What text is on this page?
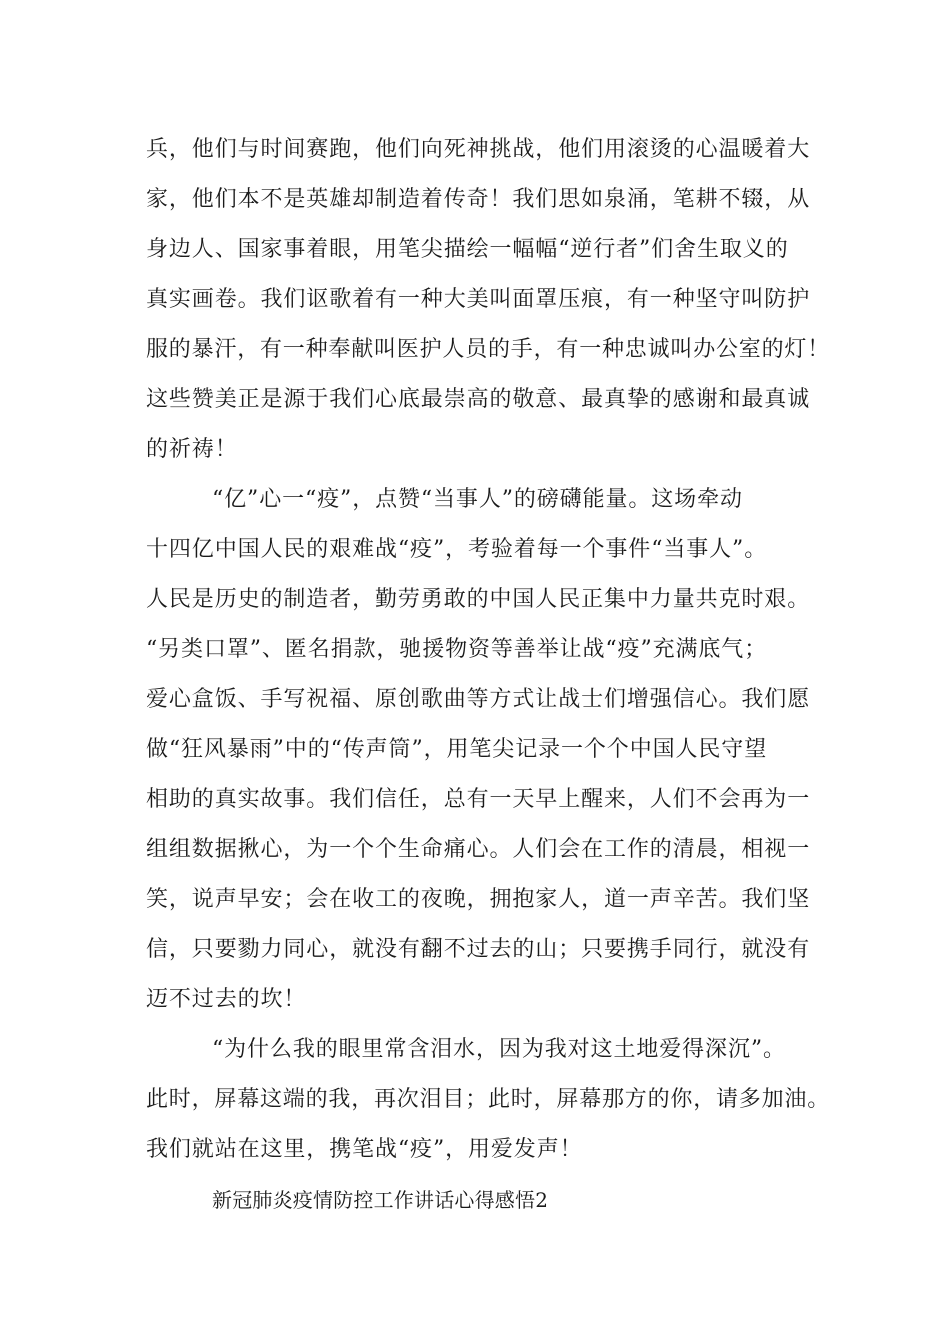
兵，他们与时间赛跑，他们向死神挑战，他们用滚烫的心温暖着大
家，他们本不是英雄却制造着传奇！我们思如泉涌，笔耕不辍，从
身边人、国家事着眼，用笔尖描绘一幅幅“逆行者”们舍生取义的
真实画卷。我们讴歌着有一种大美叫面罩压痕，有一种坚守叫防护
服的暴汗，有一种奉献叫医护人员的手，有一种忠诚叫办公室的灯！
这些赞美正是源于我们心底最崇高的敬意、最真挚的感谢和最真诚
的祈祷！
“亿”心一“疫”，点赞“当事人”的磅礴能量。这场牵动
十四亿中国人民的艰难战“疫”，考验着每一个事件“当事人”。
人民是历史的制造者，勤劳勇敢的中国人民正集中力量共克时艰。
“另类口罩”、匿名捐款，驰援物资等善举让战“疫”充满底气；
爱心盒饭、手写祝福、原创歌曲等方式让战士们增强信心。我们愿
做“狂风暴雨”中的“传声筒”，用笔尖记录一个个中国人民守望
相助的真实故事。我们信任，总有一天早上醒来，人们不会再为一
组组数据揪心，为一个个生命痛心。人们会在工作的清晨，相视一
笑，说声早安；会在收工的夜晚，拥抱家人，道一声辛苦。我们坚
信，只要勠力同心，就没有翻不过去的山；只要携手同行，就没有
迈不过去的坎！
“为什么我的眼里常含泪水，因为我对这土地爱得深沉”。
此时，屏幕这端的我，再次泪目；此时，屏幕那方的你，请多加油。
我们就站在这里，携笔战“疫”，用爱发声！
新冠肺炎疫情防控工作讲话心得感悟2
